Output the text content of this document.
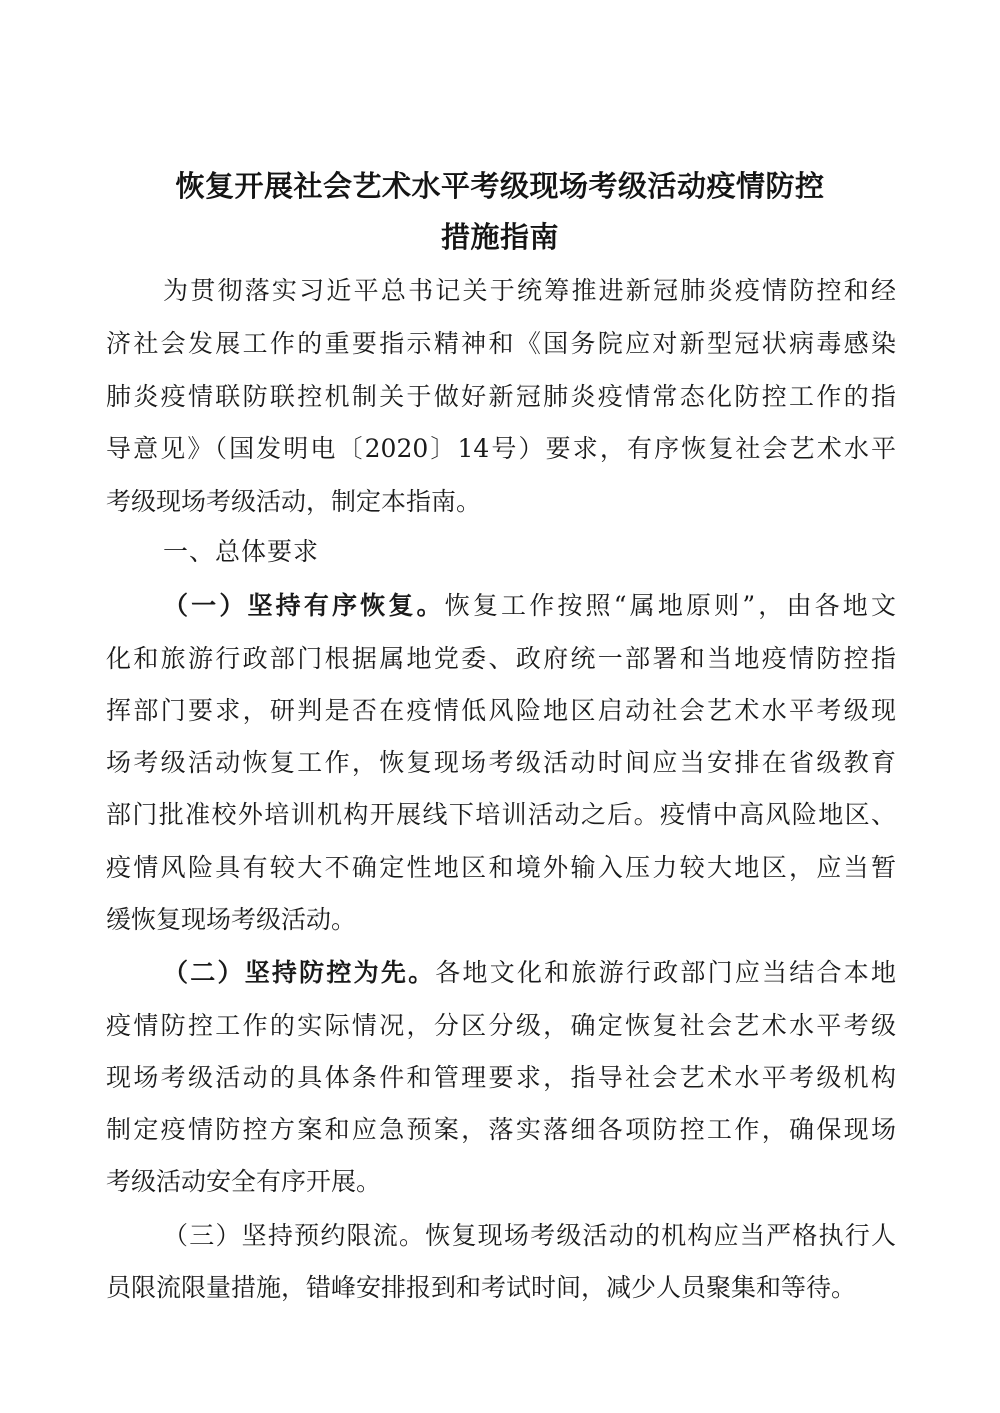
恢复开展社会艺术水平考级现场考级活动疫情防控
措施指南
为贯彻落实习近平总书记关于统筹推进新冠肺炎疫情防控和经
济社会发展工作的重要指示精神和《国务院应对新型冠状病毒感染
肺炎疫情联防联控机制关于做好新冠肺炎疫情常态化防控工作的指
导意见》（国发明电〔2020〕14号）要求，有序恢复社会艺术水平
考级现场考级活动，制定本指南。
一、总体要求
（一）坚持有序恢复。恢复工作按照“属地原则”，由各地文
化和旅游行政部门根据属地党委、政府统一部署和当地疫情防控指
挥部门要求，研判是否在疫情低风险地区启动社会艺术水平考级现
场考级活动恢复工作，恢复现场考级活动时间应当安排在省级教育
部门批准校外培训机构开展线下培训活动之后。疫情中高风险地区、
疫情风险具有较大不确定性地区和境外输入压力较大地区，应当暂
缓恢复现场考级活动。
（二）坚持防控为先。各地文化和旅游行政部门应当结合本地
疫情防控工作的实际情况，分区分级，确定恢复社会艺术水平考级
现场考级活动的具体条件和管理要求，指导社会艺术水平考级机构
制定疫情防控方案和应急预案，落实落细各项防控工作，确保现场
考级活动安全有序开展。
（三）坚持预约限流。恢复现场考级活动的机构应当严格执行人
员限流限量措施，错峰安排报到和考试时间，减少人员聚集和等待。
